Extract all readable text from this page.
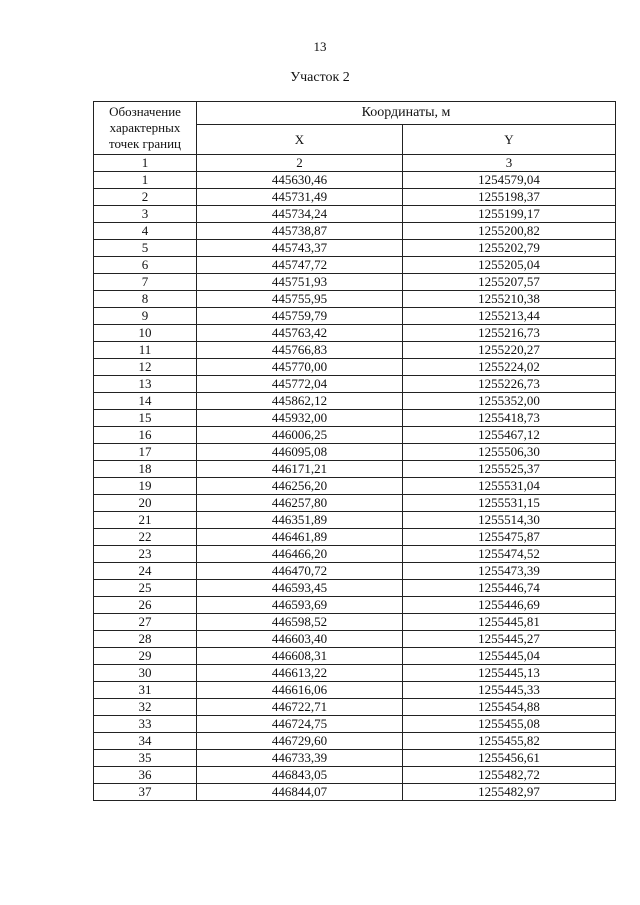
13
Участок 2
Обозначение характерных точек границ	Координаты, м	
	X	Y
1	2	3
1	445630,46	1254579,04
2	445731,49	1255198,37
3	445734,24	1255199,17
4	445738,87	1255200,82
5	445743,37	1255202,79
6	445747,72	1255205,04
7	445751,93	1255207,57
8	445755,95	1255210,38
9	445759,79	1255213,44
10	445763,42	1255216,73
11	445766,83	1255220,27
12	445770,00	1255224,02
13	445772,04	1255226,73
14	445862,12	1255352,00
15	445932,00	1255418,73
16	446006,25	1255467,12
17	446095,08	1255506,30
18	446171,21	1255525,37
19	446256,20	1255531,04
20	446257,80	1255531,15
21	446351,89	1255514,30
22	446461,89	1255475,87
23	446466,20	1255474,52
24	446470,72	1255473,39
25	446593,45	1255446,74
26	446593,69	1255446,69
27	446598,52	1255445,81
28	446603,40	1255445,27
29	446608,31	1255445,04
30	446613,22	1255445,13
31	446616,06	1255445,33
32	446722,71	1255454,88
33	446724,75	1255455,08
34	446729,60	1255455,82
35	446733,39	1255456,61
36	446843,05	1255482,72
37	446844,07	1255482,97
